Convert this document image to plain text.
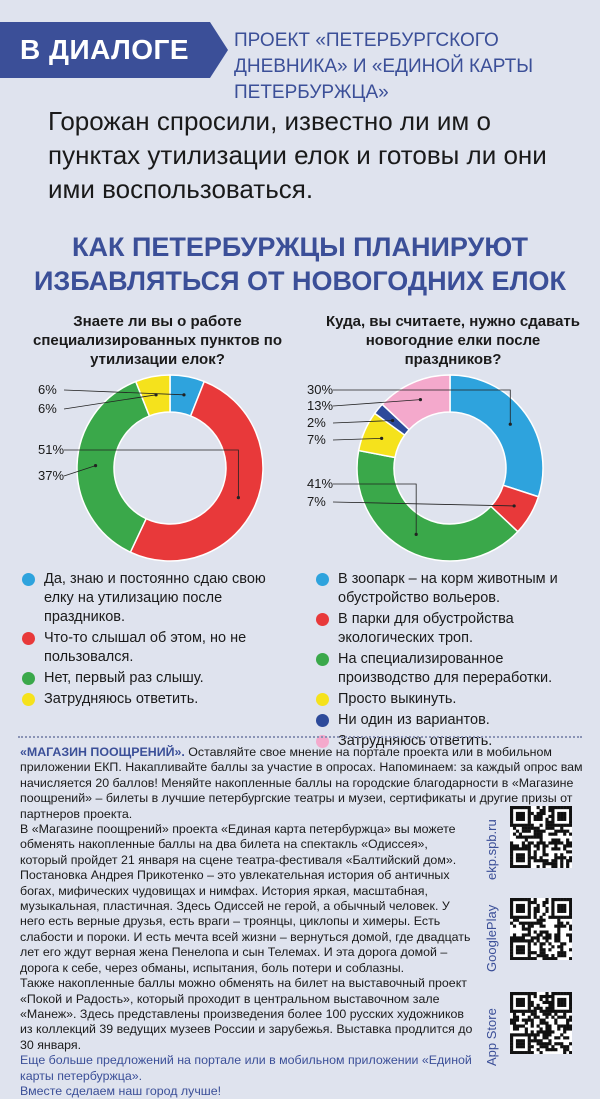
В ДИАЛОГЕ ПРОЕКТ «ПЕТЕРБУРГСКОГО ДНЕВНИКА» И «ЕДИНОЙ КАРТЫ ПЕТЕРБУРЖЦА»
Горожан спросили, известно ли им о пунктах утилизации елок и готовы ли они ими воспользоваться.
КАК ПЕТЕРБУРЖЦЫ ПЛАНИРУЮТ
ИЗБАВЛЯТЬСЯ ОТ НОВОГОДНИХ ЕЛОК
Знаете ли вы о работе специализированных пунктов по утилизации елок?
Куда, вы считаете, нужно сдавать новогодние елки после праздников?
6%
51%
37%
6%
30%
7%
41%
7%
2%
13%
Да, знаю и постоянно сдаю свою елку на утилизацию после праздников.
Что-то слышал об этом, но не пользовался.
Нет, первый раз слышу.
Затрудняюсь ответить.
В зоопарк – на корм животным и обустройство вольеров.
В парки для обустройства экологических троп.
На специализированное производство для переработки.
Просто выкинуть.
Ни один из вариантов.
Затрудняюсь ответить.

«МАГАЗИН ПООЩРЕНИЙ». Оставляйте свое мнение на портале проекта или в мобильном приложении ЕКП. Накапливайте баллы за участие в опросах. Напоминаем: за каждый опрос вам начисляется 20 баллов! Меняйте накопленные баллы на городские благодарности в «Магазине поощрений» – билеты в лучшие петербургские театры и музеи, сертификаты и другие призы от партнеров проекта.

В «Магазине поощрений» проекта «Единая карта петербуржца» вы можете обменять накопленные баллы на два билета на спектакль «Одиссея», который пройдет 21 января на сцене театра-фестиваля «Балтийский дом». Постановка Андрея Прикотенко – это увлекательная история об античных богах, мифических чудовищах и нимфах. История яркая, масштабная, музыкальная, пластичная. Здесь Одиссей не герой, а обычный человек. У него есть верные друзья, есть враги – троянцы, циклопы и химеры. Есть слабости и пороки. И есть мечта всей жизни – вернуться домой, где двадцать лет его ждут верная жена Пенелопа и сын Телемах. И эта дорога домой – дорога к себе, через обманы, испытания, боль потери и соблазны.

Также накопленные баллы можно обменять на билет на выставочный проект «Покой и Радость», который проходит в центральном выставочном зале «Манеж». Здесь представлены произведения более 100 русских художников из коллекций 39 ведущих музеев России и зарубежья. Выставка продлится до 30 января.

Еще больше предложений на портале или в мобильном приложении «Единой карты петербуржца».

Вместе сделаем наш город лучше!

ekp.spb.ru
GooglePlay
App Store
